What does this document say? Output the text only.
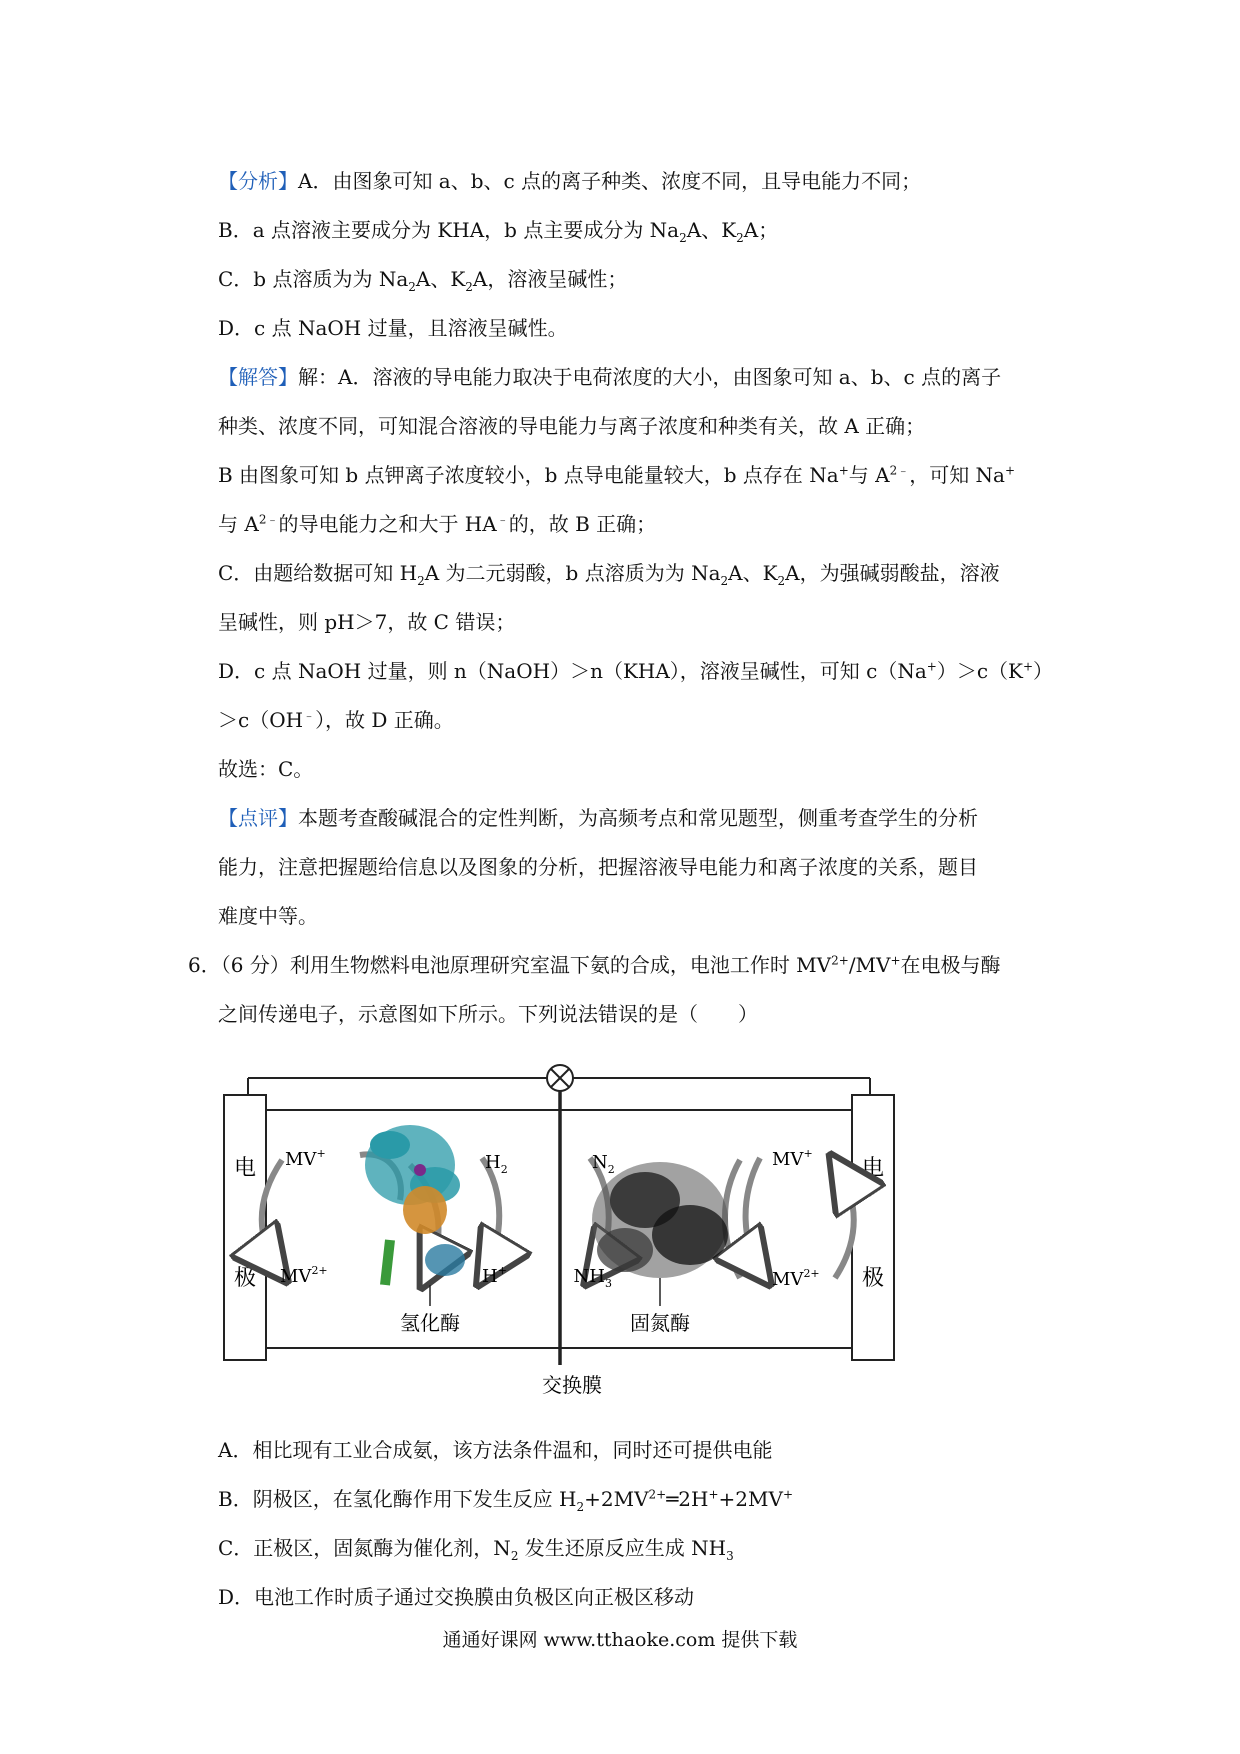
【分析】A．由图象可知 a、b、c 点的离子种类、浓度不同，且导电能力不同；
B．a 点溶液主要成分为 KHA，b 点主要成分为 $Na_2A$、$K_2A$；
C．b 点溶质为为 $Na_2A$、$K_2A$，溶液呈碱性；
D．c 点 NaOH 过量，且溶液呈碱性。
【解答】解：A．溶液的导电能力取决于电荷浓度的大小，由图象可知 a、b、c 点的离子
种类、浓度不同，可知混合溶液的导电能力与离子浓度和种类有关，故 A 正确；
B 由图象可知 b 点钾离子浓度较小，b 点导电能量较大，b 点存在 Na+与 $A^{2﹣}$，可知 Na+
与 $A^{2﹣}$的导电能力之和大于 HA﹣的，故 B 正确；
C．由题给数据可知 $H_2A$ 为二元弱酸，b 点溶质为为 $Na_2A$、$K_2A$，为强碱弱酸盐，溶液
呈碱性，则 pH＞7，故 C 错误；
D．c 点 NaOH 过量，则 n（NaOH）＞n（KHA），溶液呈碱性，可知 c（Na+）＞c（K+）
＞c（OH﹣），故 D 正确。
故选：C。
【点评】本题考查酸碱混合的定性判断，为高频考点和常见题型，侧重考查学生的分析
能力，注意把握题给信息以及图象的分析，把握溶液导电能力和离子浓度的关系，题目
难度中等。
6．（6 分）利用生物燃料电池原理研究室温下氨的合成，电池工作时 $MV^{2+}/MV^+$在电极与酶
之间传递电子，示意图如下所示。下列说法错误的是（　　）
电
极
电
极
MV+
$MV^{2+}$
$H_2$
H+
氢化酶
$N_2$
$NH_3$
MV+
$MV^{2+}$
固氮酶
交换膜
A．相比现有工业合成氨，该方法条件温和，同时还可提供电能
B．阴极区，在氢化酶作用下发生反应 $H_2+2MV^{2+}═2H^++2MV^+$
C．正极区，固氮酶为催化剂，$N_2$ 发生还原反应生成 $NH_3$
D．电池工作时质子通过交换膜由负极区向正极区移动
通通好课网 www.tthaoke.com 提供下载
